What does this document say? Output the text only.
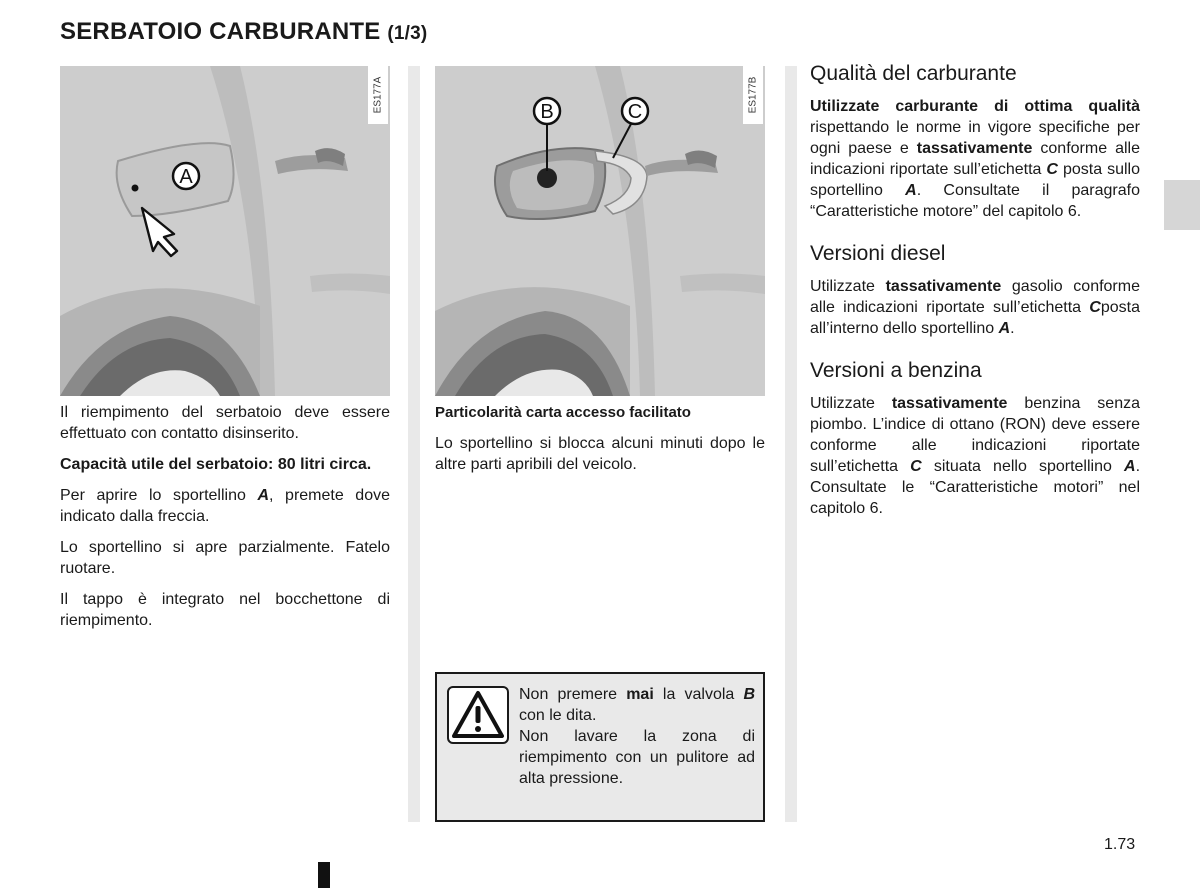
SERBATOIO CARBURANTE (1/3)
A
ES177A	B	C	ES177B

Il riempimento del serbatoio deve essere effettuato con contatto disinserito.

Capacità utile del serbatoio: 80 litri circa.

Per aprire lo sportellino A, premete dove indicato dalla freccia.

Lo sportellino si apre parzialmente. Fatelo ruotare.

Il tappo è integrato nel bocchettone di riempimento.

Particolarità carta accesso facilitato

Lo sportellino si blocca alcuni minuti dopo le altre parti apribili del veicolo.

Non premere mai la valvola B con le dita.
Non lavare la zona di riempimento con un pulitore ad alta pressione.
Qualità del carburante

Utilizzate carburante di ottima qualità rispettando le norme in vigore specifiche per ogni paese e tassativamente conforme alle indicazioni riportate sull’etichetta C posta sullo sportellino A. Consultate il paragrafo “Caratteristiche motore” del capitolo 6.

Versioni diesel

Utilizzate tassativamente gasolio conforme alle indicazioni riportate sull’etichetta Cposta all’interno dello sportellino A.

Versioni a benzina

Utilizzate tassativamente benzina senza piombo. L’indice di ottano (RON) deve essere conforme alle indicazioni riportate sull’etichetta C situata nello sportellino A. Consultate le “Caratteristiche motori” nel capitolo 6.

1.73
